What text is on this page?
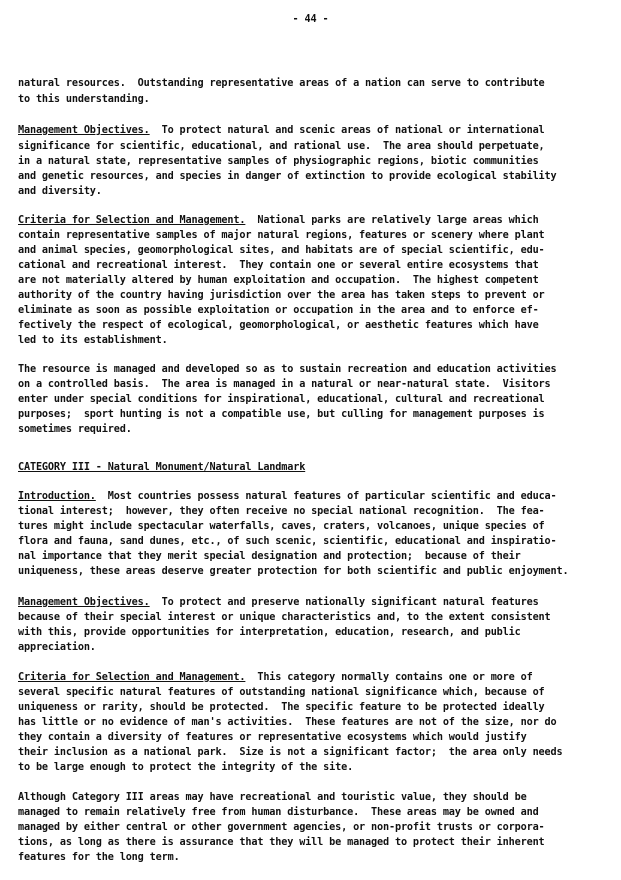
- 44 -
natural resources.  Outstanding representative areas of a nation can serve to contribute
to this understanding.
Management Objectives.  To protect natural and scenic areas of national or international
significance for scientific, educational, and rational use.  The area should perpetuate,
in a natural state, representative samples of physiographic regions, biotic communities
and genetic resources, and species in danger of extinction to provide ecological stability
and diversity.
Criteria for Selection and Management.  National parks are relatively large areas which
contain representative samples of major natural regions, features or scenery where plant
and animal species, geomorphological sites, and habitats are of special scientific, edu-
cational and recreational interest.  They contain one or several entire ecosystems that
are not materially altered by human exploitation and occupation.  The highest competent
authority of the country having jurisdiction over the area has taken steps to prevent or
eliminate as soon as possible exploitation or occupation in the area and to enforce ef-
fectively the respect of ecological, geomorphological, or aesthetic features which have
led to its establishment.
The resource is managed and developed so as to sustain recreation and education activities
on a controlled basis.  The area is managed in a natural or near-natural state.  Visitors
enter under special conditions for inspirational, educational, cultural and recreational
purposes;  sport hunting is not a compatible use, but culling for management purposes is
sometimes required.
CATEGORY III - Natural Monument/Natural Landmark
Introduction.  Most countries possess natural features of particular scientific and educa-
tional interest;  however, they often receive no special national recognition.  The fea-
tures might include spectacular waterfalls, caves, craters, volcanoes, unique species of
flora and fauna, sand dunes, etc., of such scenic, scientific, educational and inspiratio-
nal importance that they merit special designation and protection;  because of their
uniqueness, these areas deserve greater protection for both scientific and public enjoyment.
Management Objectives.  To protect and preserve nationally significant natural features
because of their special interest or unique characteristics and, to the extent consistent
with this, provide opportunities for interpretation, education, research, and public
appreciation.
Criteria for Selection and Management.  This category normally contains one or more of
several specific natural features of outstanding national significance which, because of
uniqueness or rarity, should be protected.  The specific feature to be protected ideally
has little or no evidence of man's activities.  These features are not of the size, nor do
they contain a diversity of features or representative ecosystems which would justify
their inclusion as a national park.  Size is not a significant factor;  the area only needs
to be large enough to protect the integrity of the site.
Although Category III areas may have recreational and touristic value, they should be
managed to remain relatively free from human disturbance.  These areas may be owned and
managed by either central or other government agencies, or non-profit trusts or corpora-
tions, as long as there is assurance that they will be managed to protect their inherent
features for the long term.
